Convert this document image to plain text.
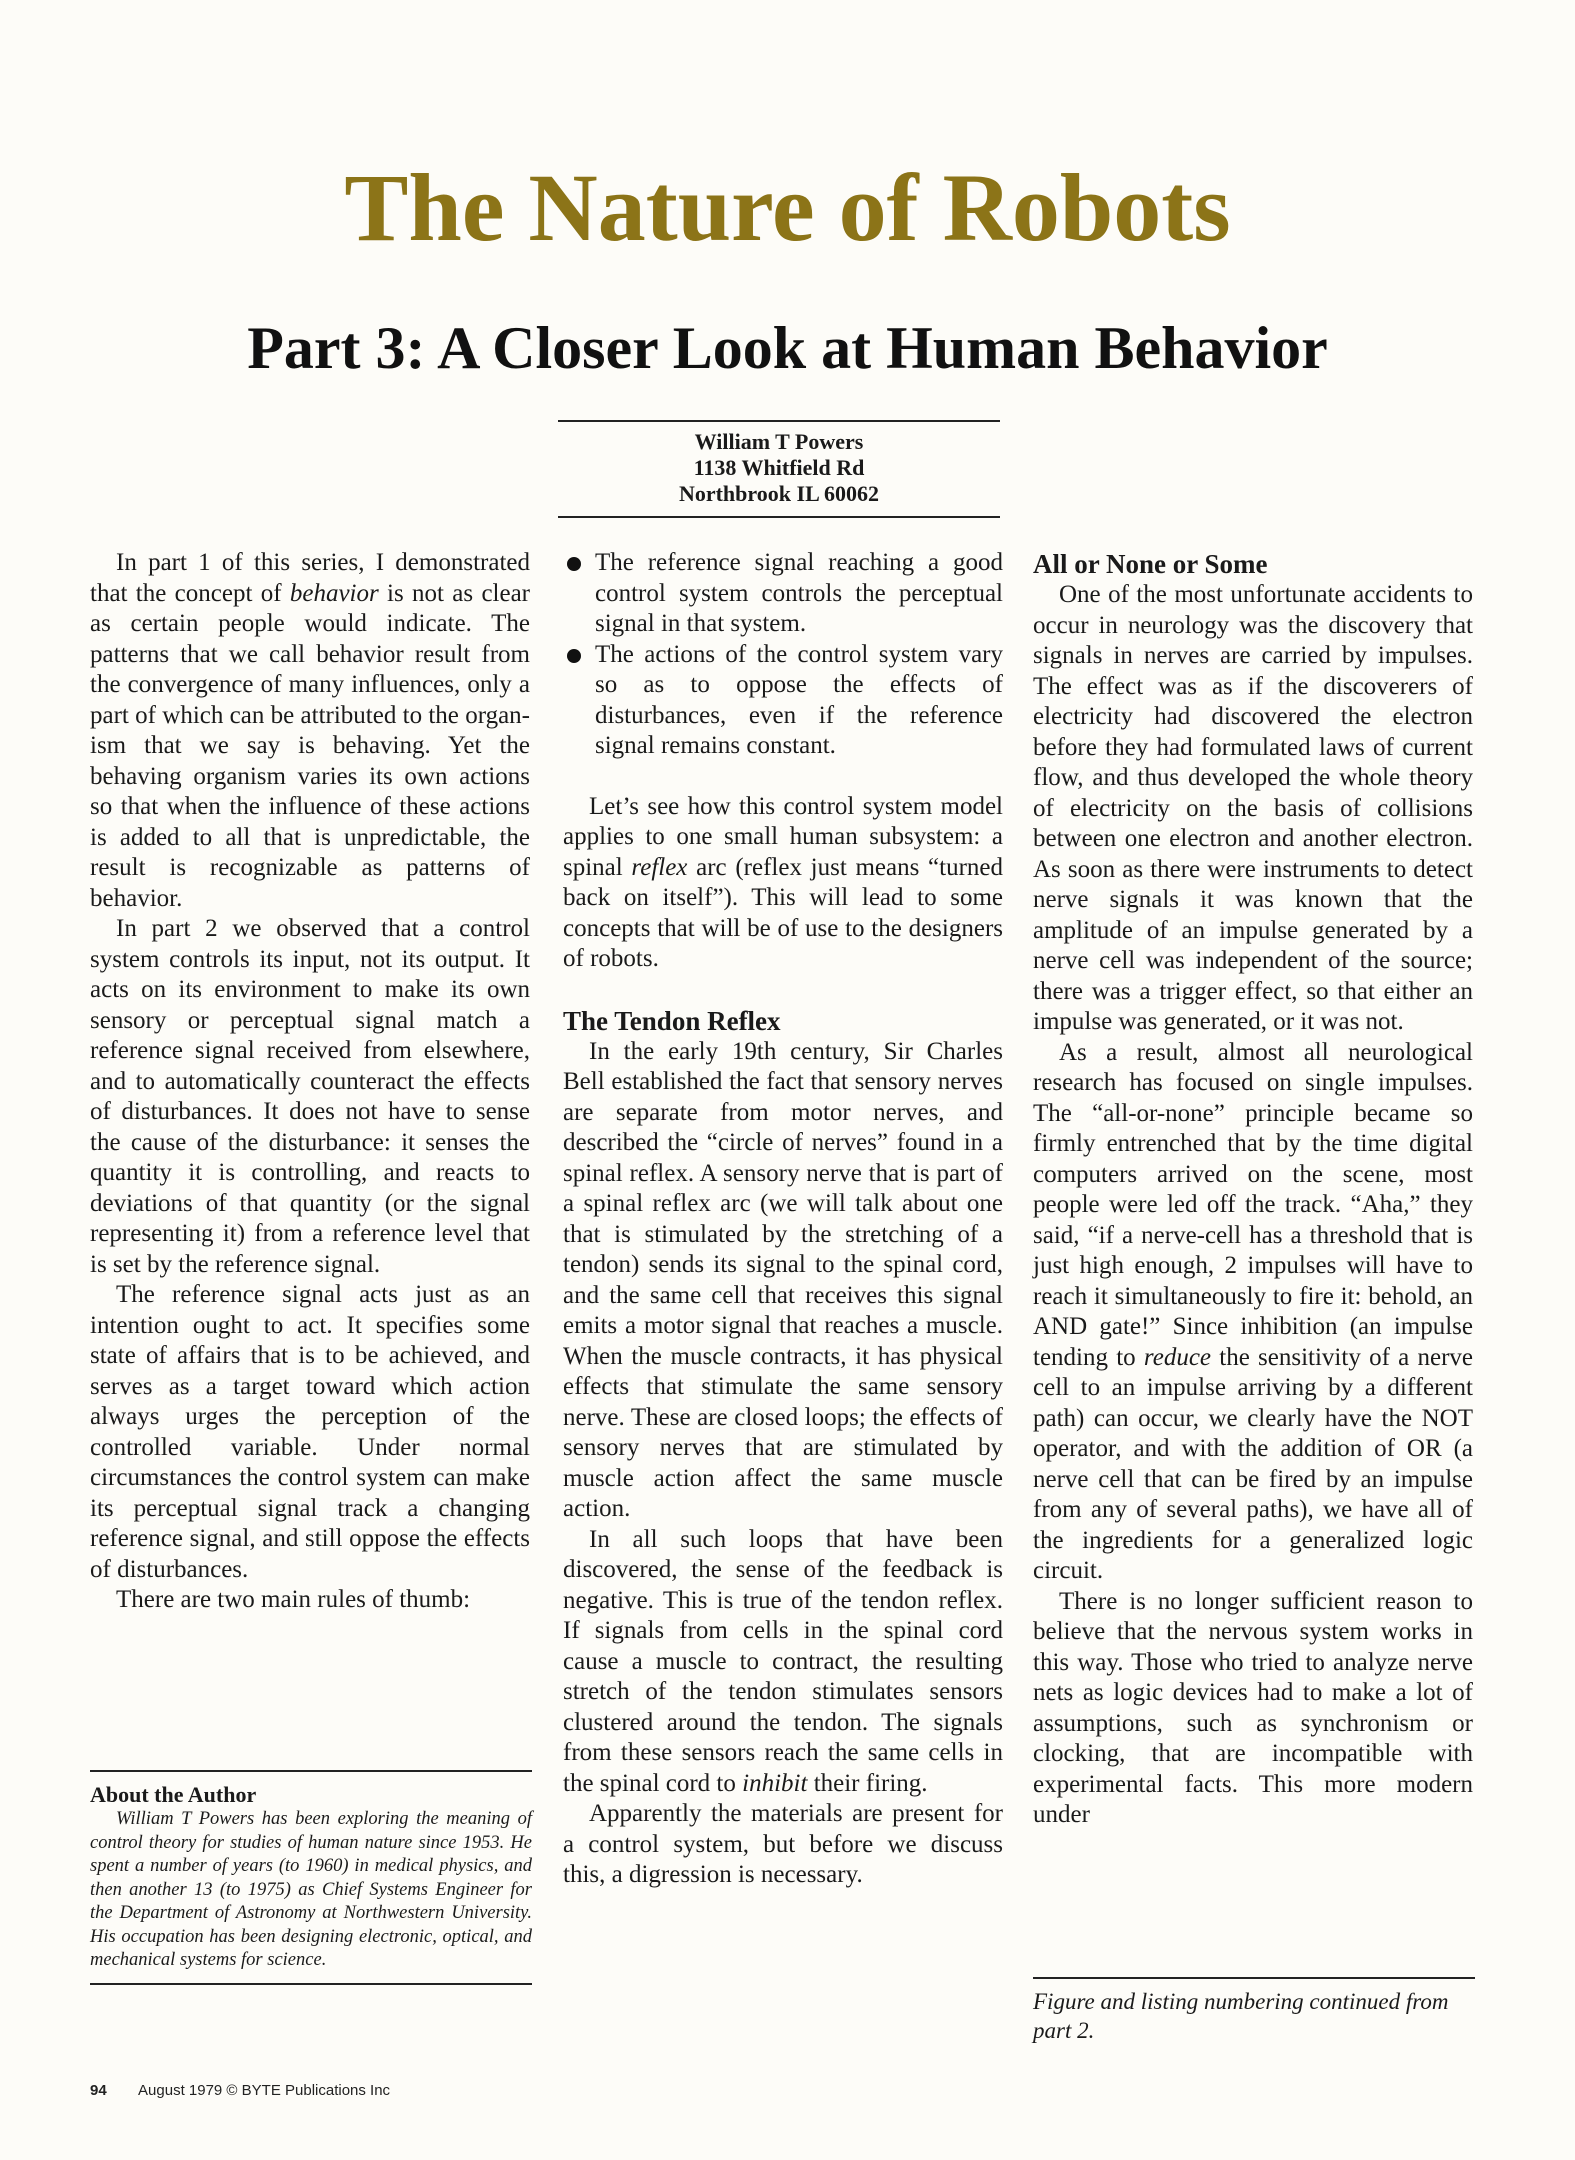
The Nature of Robots
Part 3: A Closer Look at Human Behavior
William T Powers
1138 Whitfield Rd
Northbrook IL 60062

In part 1 of this series, I demonstrated that the concept of behavior is not as clear as certain people would indicate. The patterns that we call behavior result from the convergence of many influences, only a part of which can be attributed to the organism that we say is behaving. Yet the behaving organism varies its own actions so that when the influence of these actions is added to all that is unpredictable, the result is recognizable as patterns of behavior.

In part 2 we observed that a control system controls its input, not its output. It acts on its environment to make its own sensory or perceptual signal match a reference signal received from elsewhere, and to automatically counteract the effects of disturbances. It does not have to sense the cause of the disturbance: it senses the quantity it is controlling, and reacts to deviations of that quantity (or the signal representing it) from a reference level that is set by the reference signal.

The reference signal acts just as an intention ought to act. It specifies some state of affairs that is to be achieved, and serves as a target toward which action always urges the perception of the controlled variable. Under normal circumstances the control system can make its perceptual signal track a changing reference signal, and still oppose the effects of disturbances.

There are two main rules of thumb:

About the Author

William T Powers has been exploring the meaning of control theory for studies of human nature since 1953. He spent a number of years (to 1960) in medical physics, and then another 13 (to 1975) as Chief Systems Engineer for the Department of Astronomy at Northwestern University. His occupation has been designing electronic, optical, and mechanical systems for science.

The reference signal reaching a good control system controls the perceptual signal in that system.
The actions of the control system vary so as to oppose the effects of disturbances, even if the reference signal remains constant.

Let’s see how this control system model applies to one small human subsystem: a spinal reflex arc (reflex just means “turned back on itself”). This will lead to some concepts that will be of use to the designers of robots.

The Tendon Reflex

In the early 19th century, Sir Charles Bell established the fact that sensory nerves are separate from motor nerves, and described the “circle of nerves” found in a spinal reflex. A sensory nerve that is part of a spinal reflex arc (we will talk about one that is stimulated by the stretching of a tendon) sends its signal to the spinal cord, and the same cell that receives this signal emits a motor signal that reaches a muscle. When the muscle contracts, it has physical effects that stimulate the same sensory nerve. These are closed loops; the effects of sensory nerves that are stimulated by muscle action affect the same muscle action.

In all such loops that have been discovered, the sense of the feedback is negative. This is true of the tendon reflex. If signals from cells in the spinal cord cause a muscle to contract, the resulting stretch of the tendon stimulates sensors clustered around the tendon. The signals from these sensors reach the same cells in the spinal cord to inhibit their firing.

Apparently the materials are present for a control system, but before we discuss this, a digression is necessary.

All or None or Some

One of the most unfortunate accidents to occur in neurology was the discovery that signals in nerves are carried by impulses. The effect was as if the discoverers of electricity had discovered the electron before they had formulated laws of current flow, and thus developed the whole theory of electricity on the basis of collisions between one electron and another electron. As soon as there were instruments to detect nerve signals it was known that the amplitude of an impulse generated by a nerve cell was independent of the source; there was a trigger effect, so that either an impulse was generated, or it was not.

As a result, almost all neurological research has focused on single impulses. The “all-or-none” principle became so firmly entrenched that by the time digital computers arrived on the scene, most people were led off the track. “Aha,” they said, “if a nerve-cell has a threshold that is just high enough, 2 impulses will have to reach it simultaneously to fire it: behold, an AND gate!” Since inhibition (an impulse tending to reduce the sensitivity of a nerve cell to an impulse arriving by a different path) can occur, we clearly have the NOT operator, and with the addition of OR (a nerve cell that can be fired by an impulse from any of several paths), we have all of the ingredients for a generalized logic circuit.

There is no longer sufficient reason to believe that the nervous system works in this way. Those who tried to analyze nerve nets as logic devices had to make a lot of assumptions, such as synchronism or clocking, that are incompatible with experimental facts. This more modern under

Figure and listing numbering continued from part 2.
94 August 1979 © BYTE Publications Inc
